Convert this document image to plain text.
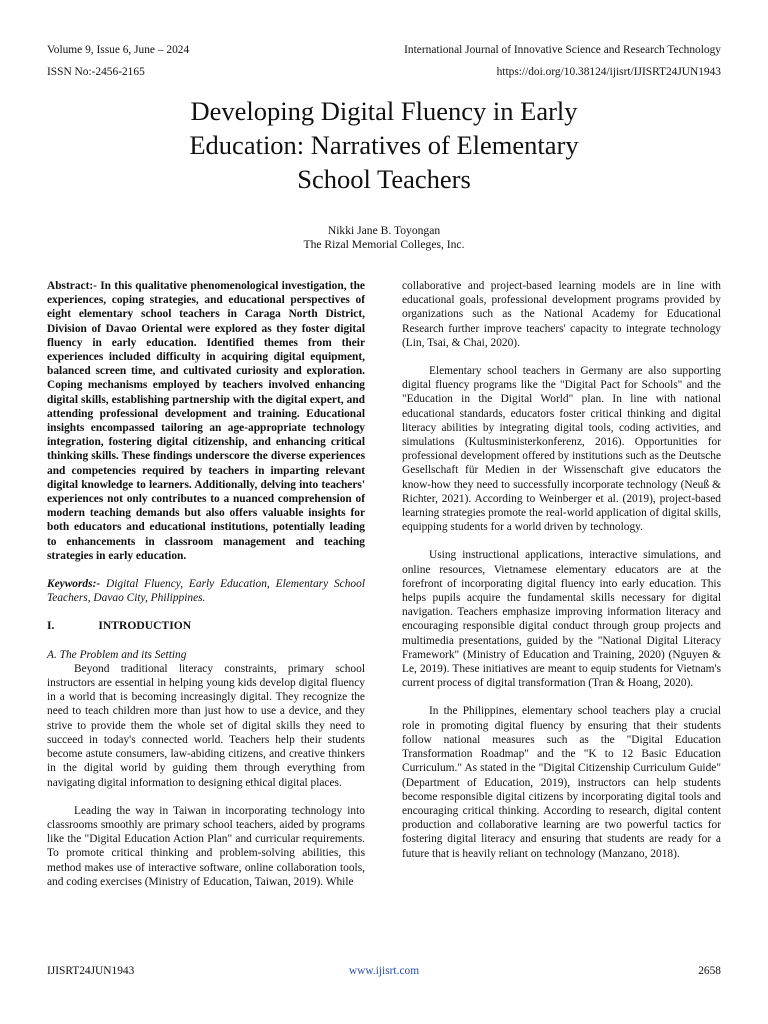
Volume 9, Issue 6, June – 2024	International Journal of Innovative Science and Research Technology
ISSN No:-2456-2165	https://doi.org/10.38124/ijisrt/IJISRT24JUN1943
Developing Digital Fluency in Early
Education: Narratives of Elementary
School Teachers
Nikki Jane B. Toyongan
The Rizal Memorial Colleges, Inc.

Abstract:- In this qualitative phenomenological investigation, the experiences, coping strategies, and educational perspectives of eight elementary school teachers in Caraga North District, Division of Davao Oriental were explored as they foster digital fluency in early education. Identified themes from their experiences included difficulty in acquiring digital equipment, balanced screen time, and cultivated curiosity and exploration. Coping mechanisms employed by teachers involved enhancing digital skills, establishing partnership with the digital expert, and attending professional development and training. Educational insights encompassed tailoring an age-appropriate technology integration, fostering digital citizenship, and enhancing critical thinking skills. These findings underscore the diverse experiences and competencies required by teachers in imparting relevant digital knowledge to learners. Additionally, delving into teachers' experiences not only contributes to a nuanced comprehension of modern teaching demands but also offers valuable insights for both educators and educational institutions, potentially leading to enhancements in classroom management and teaching strategies in early education.

Keywords:- Digital Fluency, Early Education, Elementary School Teachers, Davao City, Philippines.

I.	INTRODUCTION

A. The Problem and its Setting

Beyond traditional literacy constraints, primary school instructors are essential in helping young kids develop digital fluency in a world that is becoming increasingly digital. They recognize the need to teach children more than just how to use a device, and they strive to provide them the whole set of digital skills they need to succeed in today's connected world. Teachers help their students become astute consumers, law-abiding citizens, and creative thinkers in the digital world by guiding them through everything from navigating digital information to designing ethical digital places.

Leading the way in Taiwan in incorporating technology into classrooms smoothly are primary school teachers, aided by programs like the "Digital Education Action Plan" and curricular requirements. To promote critical thinking and problem-solving abilities, this method makes use of interactive software, online collaboration tools, and coding exercises (Ministry of Education, Taiwan, 2019). While

collaborative and project-based learning models are in line with educational goals, professional development programs provided by organizations such as the National Academy for Educational Research further improve teachers' capacity to integrate technology (Lin, Tsai, & Chai, 2020).

Elementary school teachers in Germany are also supporting digital fluency programs like the "Digital Pact for Schools" and the "Education in the Digital World" plan. In line with national educational standards, educators foster critical thinking and digital literacy abilities by integrating digital tools, coding activities, and simulations (Kultusministerkonferenz, 2016). Opportunities for professional development offered by institutions such as the Deutsche Gesellschaft für Medien in der Wissenschaft give educators the know-how they need to successfully incorporate technology (Neuß & Richter, 2021). According to Weinberger et al. (2019), project-based learning strategies promote the real-world application of digital skills, equipping students for a world driven by technology.

Using instructional applications, interactive simulations, and online resources, Vietnamese elementary educators are at the forefront of incorporating digital fluency into early education. This helps pupils acquire the fundamental skills necessary for digital navigation. Teachers emphasize improving information literacy and encouraging responsible digital conduct through group projects and multimedia presentations, guided by the "National Digital Literacy Framework" (Ministry of Education and Training, 2020) (Nguyen & Le, 2019). These initiatives are meant to equip students for Vietnam's current process of digital transformation (Tran & Hoang, 2020).

In the Philippines, elementary school teachers play a crucial role in promoting digital fluency by ensuring that their students follow national measures such as the "Digital Education Transformation Roadmap" and the "K to 12 Basic Education Curriculum." As stated in the "Digital Citizenship Curriculum Guide" (Department of Education, 2019), instructors can help students become responsible digital citizens by incorporating digital tools and encouraging critical thinking. According to research, digital content production and collaborative learning are two powerful tactics for fostering digital literacy and ensuring that students are ready for a future that is heavily reliant on technology (Manzano, 2018).

IJISRT24JUN1943	www.ijisrt.com	2658
